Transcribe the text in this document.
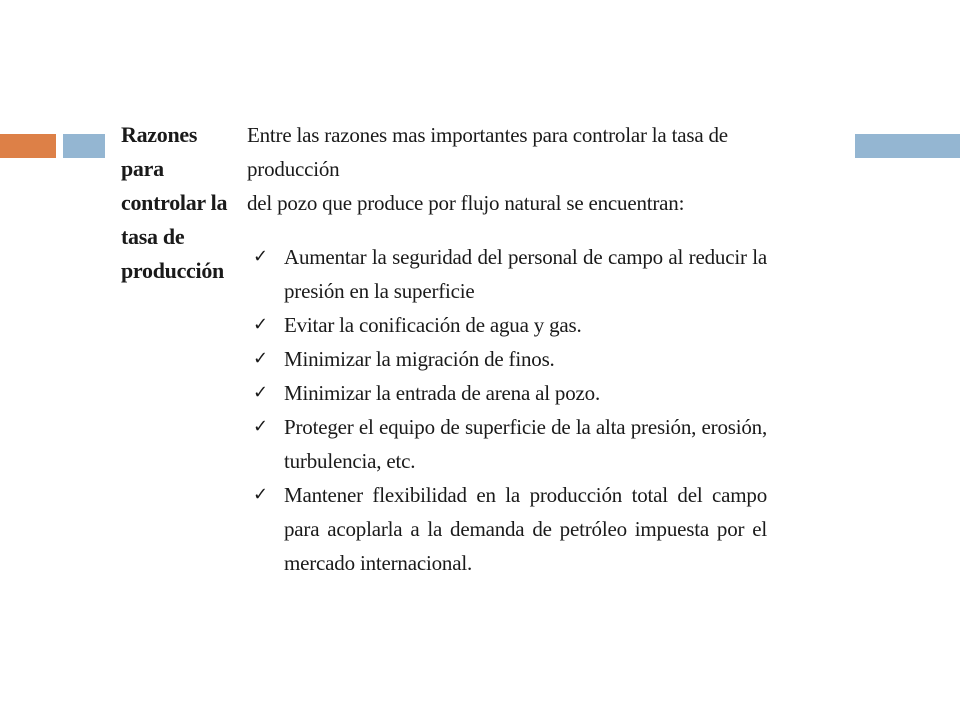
Razones para
controlar la
tasa de
producción
Entre las razones mas importantes para controlar la tasa de producción
del pozo que produce por flujo natural se encuentran:
✓ Aumentar la seguridad del personal de campo al reducir la presión en la superficie
✓ Evitar la conificación de agua y gas.
✓ Minimizar la migración de finos.
✓ Minimizar la entrada de arena al pozo.
✓ Proteger el equipo de superficie de la alta presión, erosión, turbulencia, etc.
✓ Mantener flexibilidad en la producción total del campo para acoplarla a la demanda de petróleo impuesta por el mercado internacional.
